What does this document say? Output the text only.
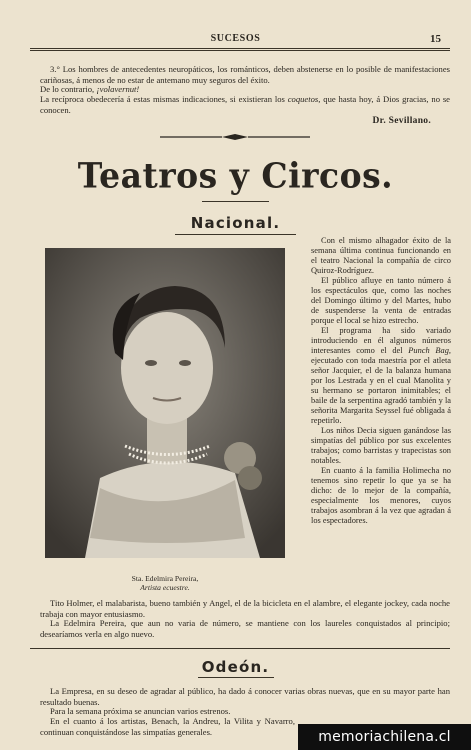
SUCESOS	15
3.° Los hombres de antecedentes neuropáticos, los románticos, deben abstenerse en lo posible de manifestaciones cariñosas, á menos de no estar de antemano muy seguros del éxito.
De lo contrario, ¡volavernut!
La recíproca obedecería á estas mismas indicaciones, si existieran los coquetos, que hasta hoy, á Dios gracias, no se conocen.
Dr. Sevillano.
Teatros y Circos.
Nacional.
Sta. Edelmira Pereira,
Artista ecuestre.

Con el mismo alhagador éxito de la semana última continua funcionando en el teatro Nacional la compañía de circo Quiroz-Rodríguez.

El público afluye en tanto número á los espectáculos que, como las noches del Domingo último y del Martes, hubo de suspenderse la venta de entradas porque el local se hizo estrecho.

El programa ha sido variado introduciendo en él algunos números interesantes como el del Punch Bag, ejecutado con toda maestría por el atleta señor Jacquier, el de la balanza humana por los Lestrada y en el cual Manolita y su hermano se portaron inimitables; el baile de la serpentina agradó también y la señorita Margarita Seyssel fué obligada á repetirlo.

Los niños Decia siguen ganándose las simpatías del público por sus excelentes trabajos; como barristas y trapecistas son notables.

En cuanto á la familia Holimecha no tenemos sino repetir lo que ya se ha dicho: de lo mejor de la compañía, especialmente los menores, cuyos trabajos asombran á la vez que agradan á los espectadores.

Tito Holmer, el malabarista, bueno también y Angel, el de la bicicleta en el alambre, el elegante jockey, cada noche trabaja con mayor entusiasmo.
La Edelmira Pereira, que aun no varia de número, se mantiene con los laureles conquistados al principio; desearíamos verla en algo nuevo.
Odeón.
La Empresa, en su deseo de agradar al público, ha dado á conocer varias obras nuevas, que en su mayor parte han resultado buenas.
Para la semana próxima se anuncian varios estrenos.
En el cuanto á los artistas, Benach, la Andreu, la Vilita y Navarro, continuan conquistándose las simpatías generales.	memoriachilena.cl
